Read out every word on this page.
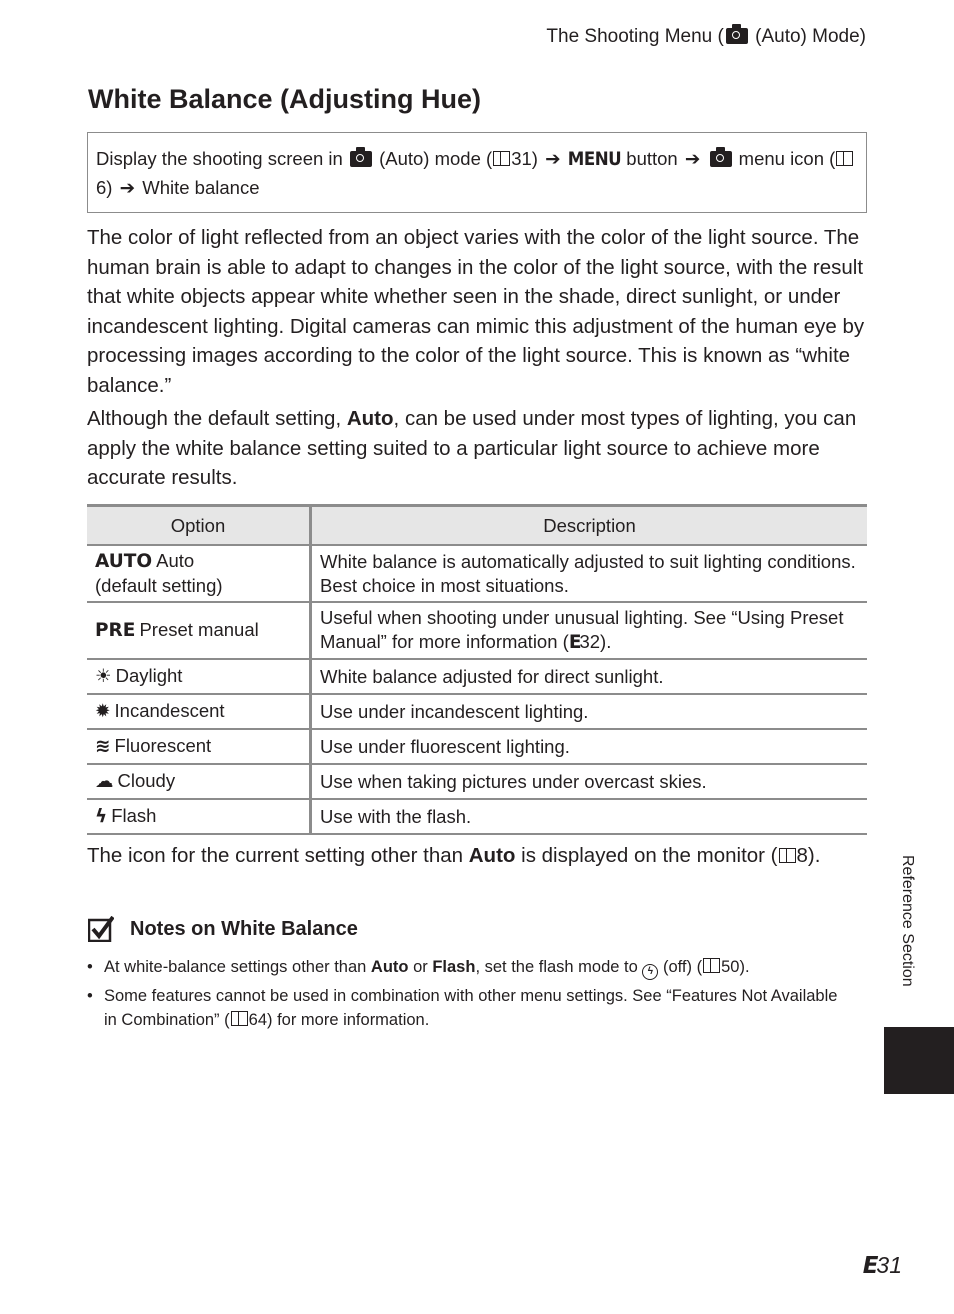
The Shooting Menu ( (Auto) Mode)
White Balance (Adjusting Hue)
Display the shooting screen in  (Auto) mode ( 31) ➔ MENU button ➔  menu icon (6) ➔ White balance

The color of light reflected from an object varies with the color of the light source. The human brain is able to adapt to changes in the color of the light source, with the result that white objects appear white whether seen in the shade, direct sunlight, or under incandescent lighting. Digital cameras can mimic this adjustment of the human eye by processing images according to the color of the light source. This is known as “white balance.”

Although the default setting, Auto, can be used under most types of lighting, you can apply the white balance setting suited to a particular light source to achieve more accurate results.

Option	Description
AUTO Auto
(default setting)	White balance is automatically adjusted to suit lighting conditions. Best choice in most situations.
PRE Preset manual	Useful when shooting under unusual lighting. See “Using Preset Manual” for more information (E32).
☀ Daylight	White balance adjusted for direct sunlight.
✹ Incandescent	Use under incandescent lighting.
≋ Fluorescent	Use under fluorescent lighting.
☁ Cloudy	Use when taking pictures under overcast skies.
ϟ Flash	Use with the flash.

The icon for the current setting other than Auto is displayed on the monitor ( 8).

Notes on White Balance
• At white-balance settings other than Auto or Flash, set the flash mode to ϟ (off) ( 50).
• Some features cannot be used in combination with other menu settings. See “Features Not Available in Combination” ( 64) for more information.
Reference Section
E31
